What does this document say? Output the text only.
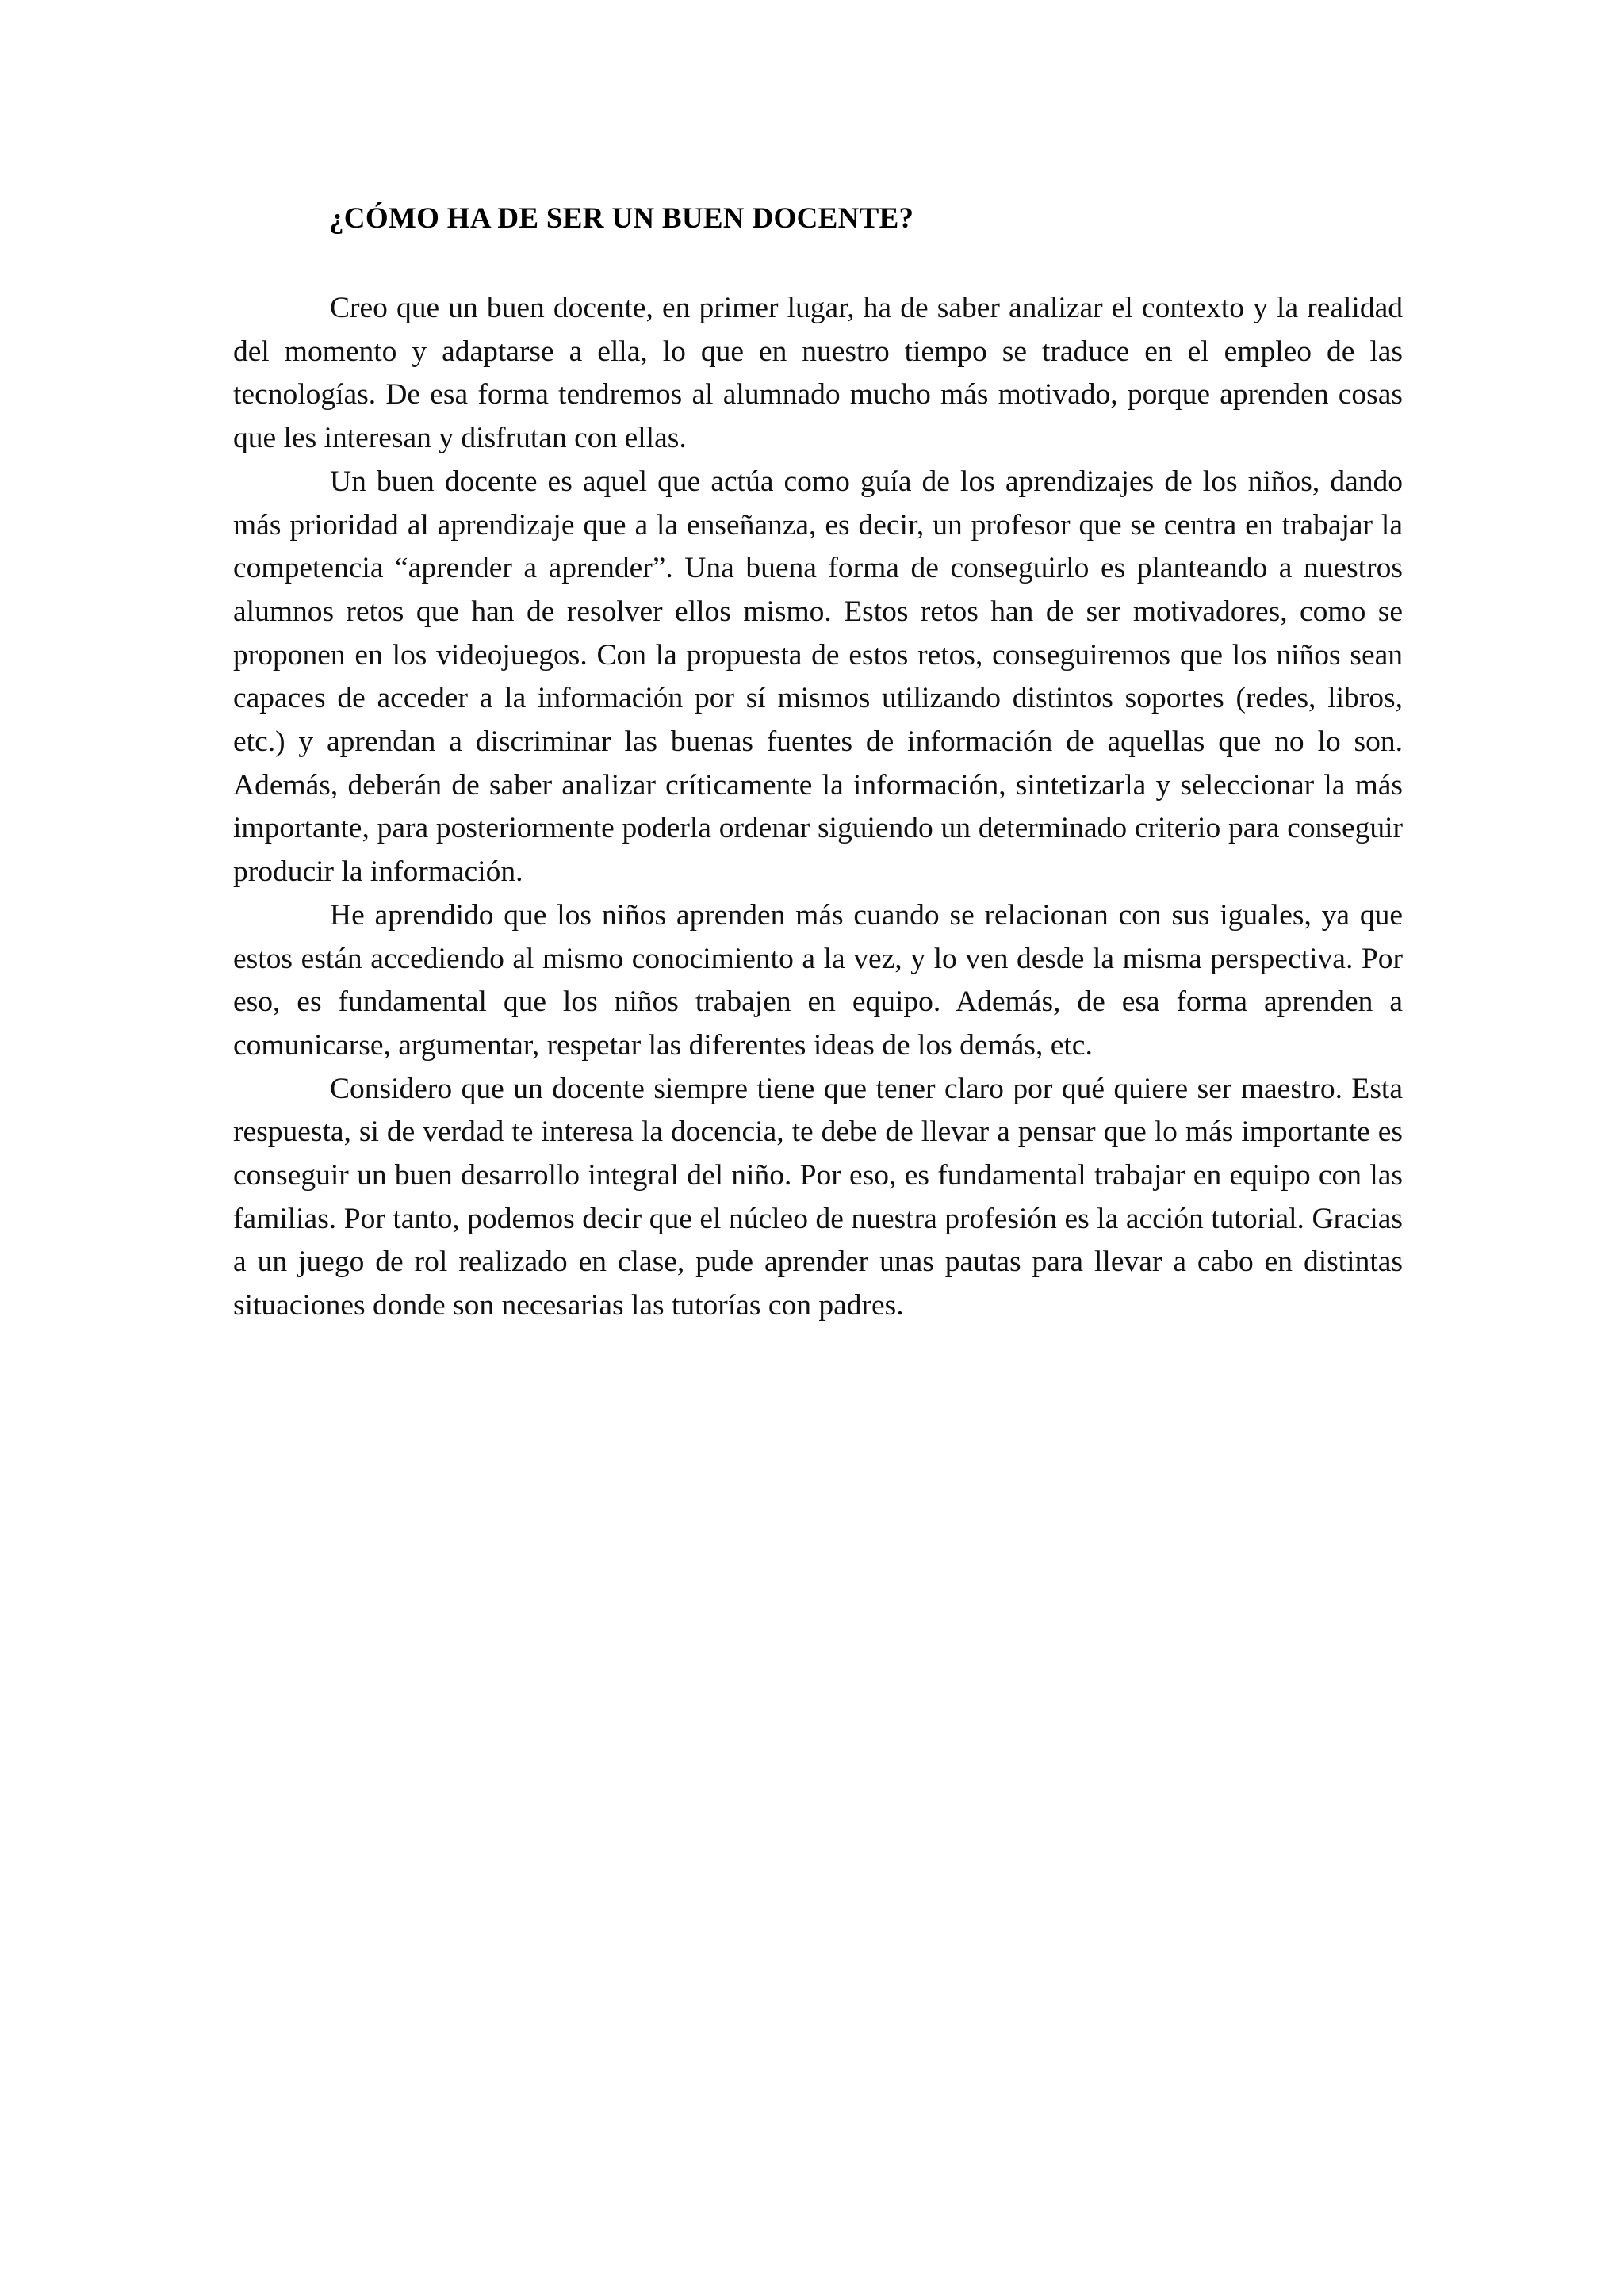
¿CÓMO HA DE SER UN BUEN DOCENTE?

Creo que un buen docente, en primer lugar, ha de saber analizar el contexto y la realidad del momento y adaptarse a ella, lo que en nuestro tiempo se traduce en el empleo de las tecnologías. De esa forma tendremos al alumnado mucho más motivado, porque aprenden cosas que les interesan y disfrutan con ellas.

Un buen docente es aquel que actúa como guía de los aprendizajes de los niños, dando más prioridad al aprendizaje que a la enseñanza, es decir, un profesor que se centra en trabajar la competencia “aprender a aprender”. Una buena forma de conseguirlo es planteando a nuestros alumnos retos que han de resolver ellos mismo. Estos retos han de ser motivadores, como se proponen en los videojuegos. Con la propuesta de estos retos, conseguiremos que los niños sean capaces de acceder a la información por sí mismos utilizando distintos soportes (redes, libros, etc.) y aprendan a discriminar las buenas fuentes de información de aquellas que no lo son. Además, deberán de saber analizar críticamente la información, sintetizarla y seleccionar la más importante, para posteriormente poderla ordenar siguiendo un determinado criterio para conseguir producir la información.

He aprendido que los niños aprenden más cuando se relacionan con sus iguales, ya que estos están accediendo al mismo conocimiento a la vez, y lo ven desde la misma perspectiva. Por eso, es fundamental que los niños trabajen en equipo. Además, de esa forma aprenden a comunicarse, argumentar, respetar las diferentes ideas de los demás, etc.

Considero que un docente siempre tiene que tener claro por qué quiere ser maestro. Esta respuesta, si de verdad te interesa la docencia, te debe de llevar a pensar que lo más importante es conseguir un buen desarrollo integral del niño. Por eso, es fundamental trabajar en equipo con las familias. Por tanto, podemos decir que el núcleo de nuestra profesión es la acción tutorial. Gracias a un juego de rol realizado en clase, pude aprender unas pautas para llevar a cabo en distintas situaciones donde son necesarias las tutorías con padres.
